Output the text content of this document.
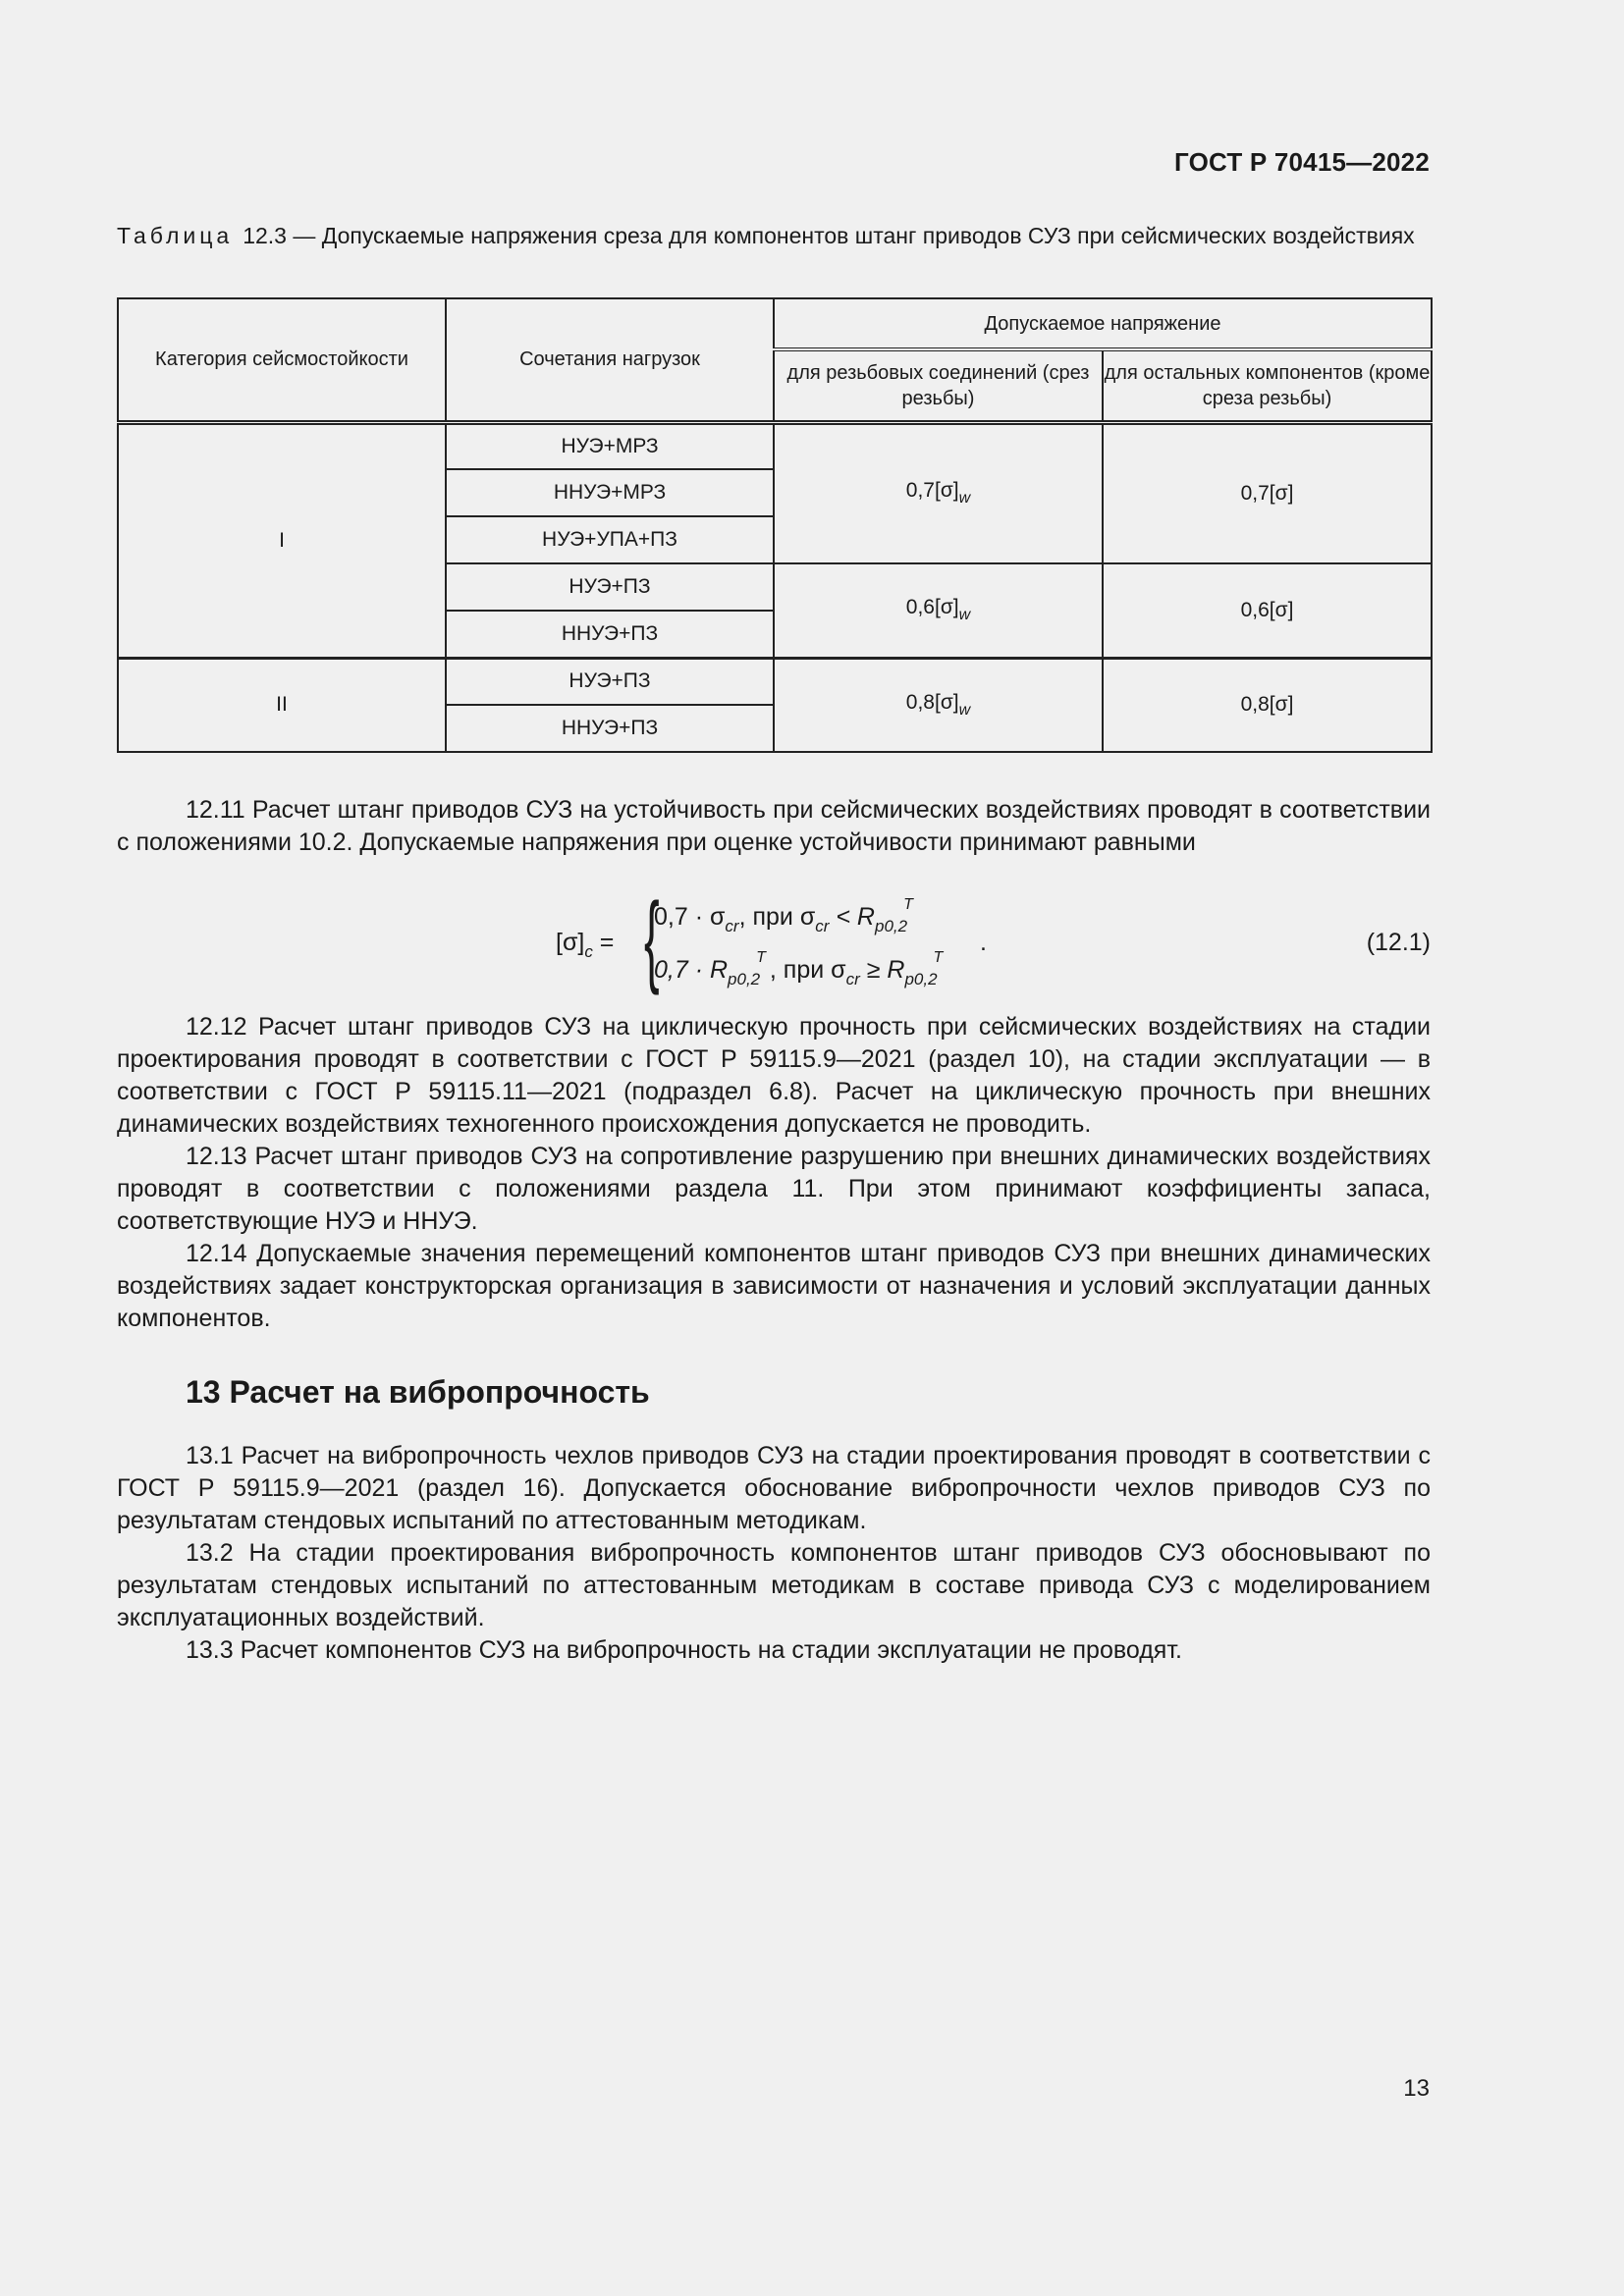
ГОСТ Р 70415—2022
Таблица 12.3 — Допускаемые напряжения среза для компонентов штанг приводов СУЗ при сейсмических воздействиях
Категория сейсмостойкости	Сочетания нагрузок	Допускаемое напряжение	
		для резьбовых соединений (срез резьбы)	для остальных компонентов (кроме среза резьбы)
I	НУЭ+МРЗ	$0,7[\sigma]_w$	0,7[σ]
	ННУЭ+МРЗ		
	НУЭ+УПА+ПЗ		
	НУЭ+ПЗ	$0,6[\sigma]_w$	0,6[σ]
	ННУЭ+ПЗ		
II	НУЭ+ПЗ	$0,8[\sigma]_w$	0,8[σ]
	ННУЭ+ПЗ		

12.11 Расчет штанг приводов СУЗ на устойчивость при сейсмических воздействиях проводят в соответствии с положениями 10.2. Допускаемые напряжения при оценке устойчивости принимают равными

$[\sigma]_c$ = {
$0,7 \cdot \sigma_{cr}$, при $\sigma_{cr} < R_{p0,2}^T$
$0,7 \cdot R_{p0,2}^T$ , при $\sigma_{cr} \ge R_{p0,2}^T$
.	(12.1)

12.12 Расчет штанг приводов СУЗ на циклическую прочность при сейсмических воздействиях на стадии проектирования проводят в соответствии с ГОСТ Р 59115.9—2021 (раздел 10), на стадии эксплуатации — в соответствии с ГОСТ Р 59115.11—2021 (подраздел 6.8). Расчет на циклическую прочность при внешних динамических воздействиях техногенного происхождения допускается не проводить.

12.13 Расчет штанг приводов СУЗ на сопротивление разрушению при внешних динамических воздействиях проводят в соответствии с положениями раздела 11. При этом принимают коэффициенты запаса, соответствующие НУЭ и ННУЭ.

12.14 Допускаемые значения перемещений компонентов штанг приводов СУЗ при внешних динамических воздействиях задает конструкторская организация в зависимости от назначения и условий эксплуатации данных компонентов.

13 Расчет на вибропрочность

13.1 Расчет на вибропрочность чехлов приводов СУЗ на стадии проектирования проводят в соответствии с ГОСТ Р 59115.9—2021 (раздел 16). Допускается обоснование вибропрочности чехлов приводов СУЗ по результатам стендовых испытаний по аттестованным методикам.

13.2 На стадии проектирования вибропрочность компонентов штанг приводов СУЗ обосновывают по результатам стендовых испытаний по аттестованным методикам в составе привода СУЗ с моделированием эксплуатационных воздействий.

13.3 Расчет компонентов СУЗ на вибропрочность на стадии эксплуатации не проводят.

13
